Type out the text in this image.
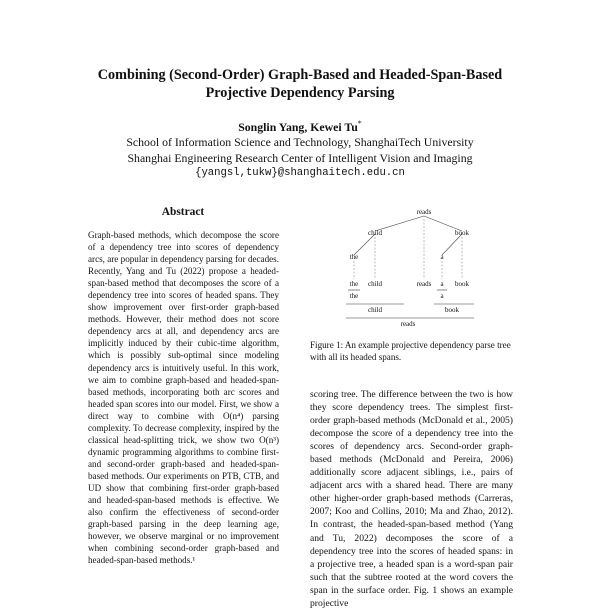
Combining (Second-Order) Graph-Based and Headed-Span-Based
Projective Dependency Parsing
Songlin Yang, Kewei Tu*
School of Information Science and Technology, ShanghaiTech University
Shanghai Engineering Research Center of Intelligent Vision and Imaging
{yangsl,tukw}@shanghaitech.edu.cn
Abstract

Graph-based methods, which decompose the score of a dependency tree into scores of dependency arcs, are popular in dependency parsing for decades. Recently, Yang and Tu (2022) propose a headed-span-based method that decomposes the score of a dependency tree into scores of headed spans. They show improvement over first-order graph-based methods. However, their method does not score dependency arcs at all, and dependency arcs are implicitly induced by their cubic-time algorithm, which is possibly sub-optimal since modeling dependency arcs is intuitively useful. In this work, we aim to combine graph-based and headed-span-based methods, incorporating both arc scores and headed span scores into our model. First, we show a direct way to combine with O(n⁴) parsing complexity. To decrease complexity, inspired by the classical head-splitting trick, we show two O(n³) dynamic programming algorithms to combine first- and second-order graph-based and headed-span-based methods. Our experiments on PTB, CTB, and UD show that combining first-order graph-based and headed-span-based methods is effective. We also confirm the effectiveness of second-order graph-based parsing in the deep learning age, however, we observe marginal or no improvement when combining second-order graph-based and headed-span-based methods.¹

reads
child	book
the	a
the child	reads a book
the	a
child	book
reads
Figure 1: An example projective dependency parse tree with all its headed spans.

scoring tree. The difference between the two is how they score dependency trees. The simplest first-order graph-based methods (McDonald et al., 2005) decompose the score of a dependency tree into the scores of dependency arcs. Second-order graph-based methods (McDonald and Pereira, 2006) additionally score adjacent siblings, i.e., pairs of adjacent arcs with a shared head. There are many other higher-order graph-based methods (Carreras, 2007; Koo and Collins, 2010; Ma and Zhao, 2012). In contrast, the headed-span-based method (Yang and Tu, 2022) decomposes the score of a dependency tree into the scores of headed spans: in a projective tree, a headed span is a word-span pair such that the subtree rooted at the word covers the span in the surface order. Fig. 1 shows an example projective
